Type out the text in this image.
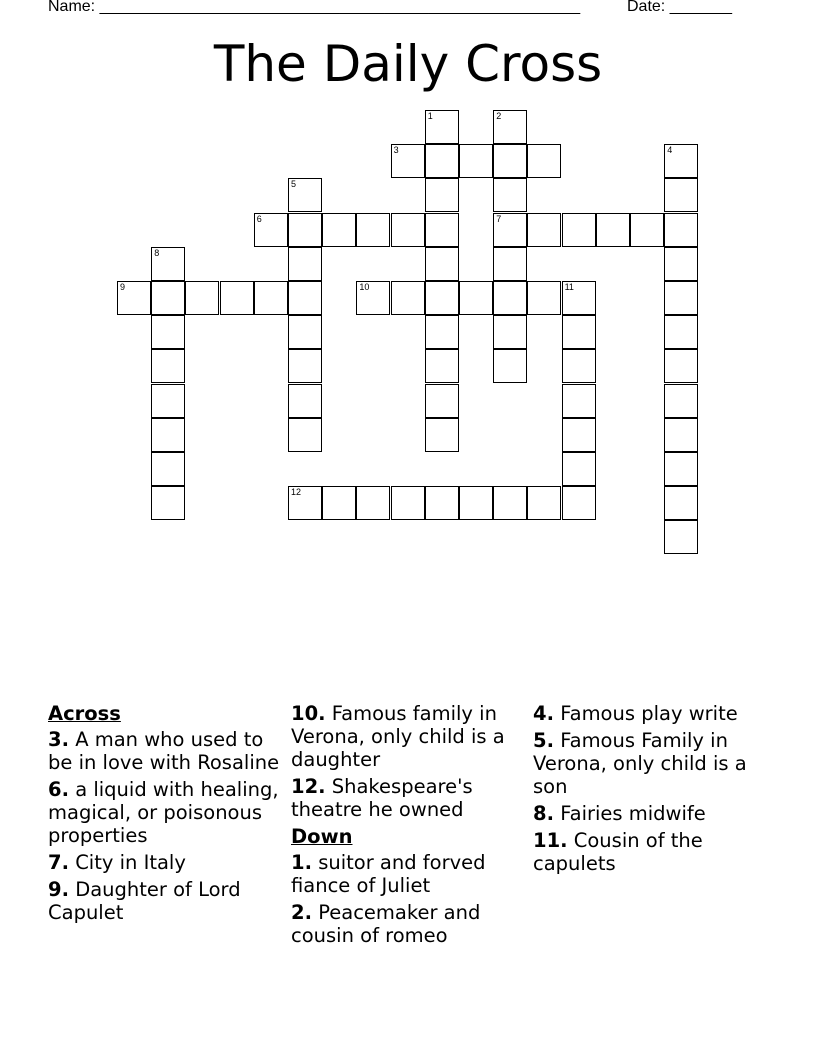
Name: ______________________________________________________	Date: _______
The Daily Cross
1	2
7
3	4
5
6
8
9	10	11
12
Across
3. A man who used to be in love with Rosaline
6. a liquid with healing, magical, or poisonous properties
7. City in Italy
9. Daughter of Lord Capulet
10. Famous family in Verona, only child is a daughter
12. Shakespeare's theatre he owned
Down
1. suitor and forved fiance of Juliet
2. Peacemaker and cousin of romeo
4. Famous play write
5. Famous Family in Verona, only child is a son
8. Fairies midwife
11. Cousin of the capulets
